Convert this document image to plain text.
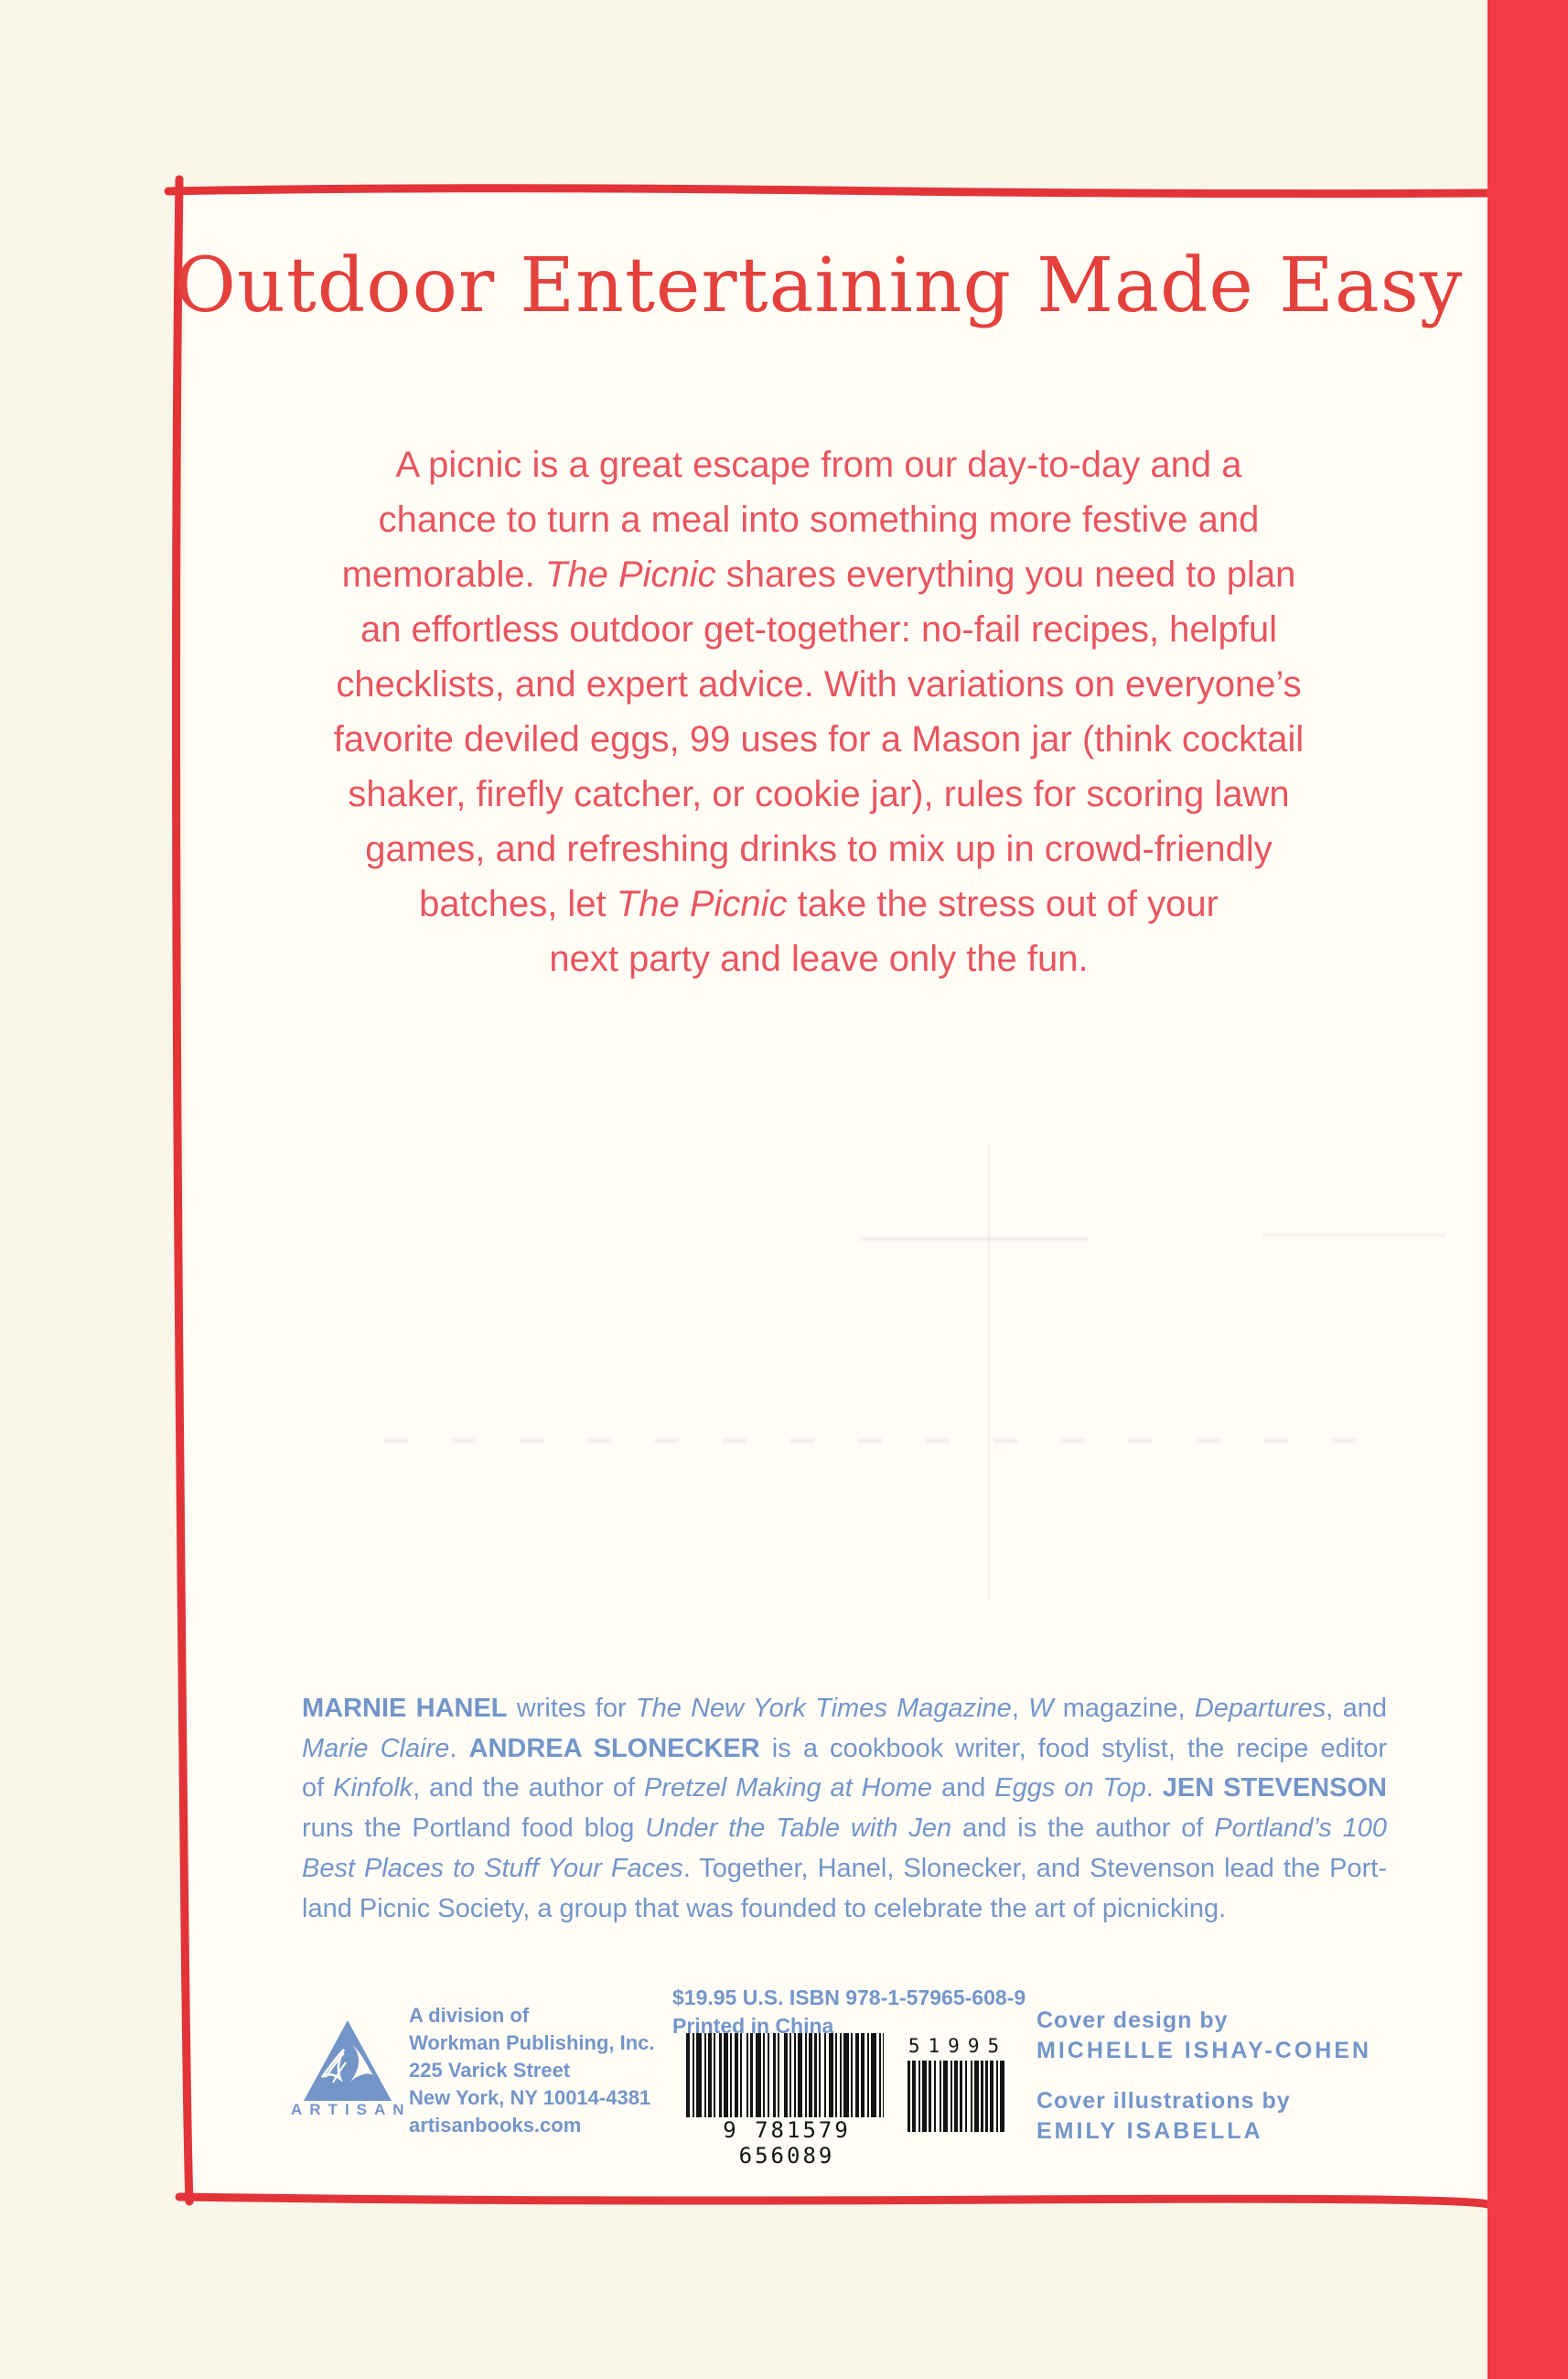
Outdoor Entertaining Made Easy
A picnic is a great escape from our day-to-day and a
chance to turn a meal into something more festive and
memorable. The Picnic shares everything you need to plan
an effortless outdoor get-together: no-fail recipes, helpful
checklists, and expert advice. With variations on everyone’s
favorite deviled eggs, 99 uses for a Mason jar (think cocktail
shaker, firefly catcher, or cookie jar), rules for scoring lawn
games, and refreshing drinks to mix up in crowd-friendly
batches, let The Picnic take the stress out of your
next party and leave only the fun.
MARNIE HANEL writes for The New York Times Magazine, W magazine, Departures, and
Marie Claire. ANDREA SLONECKER is a cookbook writer, food stylist, the recipe editor
of Kinfolk, and the author of Pretzel Making at Home and Eggs on Top. JEN STEVENSON
runs the Portland food blog Under the Table with Jen and is the author of Portland’s 100
Best Places to Stuff Your Faces. Together, Hanel, Slonecker, and Stevenson lead the Port-
land Picnic Society, a group that was founded to celebrate the art of picnicking.
ARTISAN
A division of
Workman Publishing, Inc.
225 Varick Street
New York, NY 10014-4381
artisanbooks.com
$19.95 U.S. ISBN 978-1-57965-608-9
Printed in China
9 781579 656089
51995
Cover design by
MICHELLE ISHAY-COHEN
Cover illustrations by
EMILY ISABELLA
